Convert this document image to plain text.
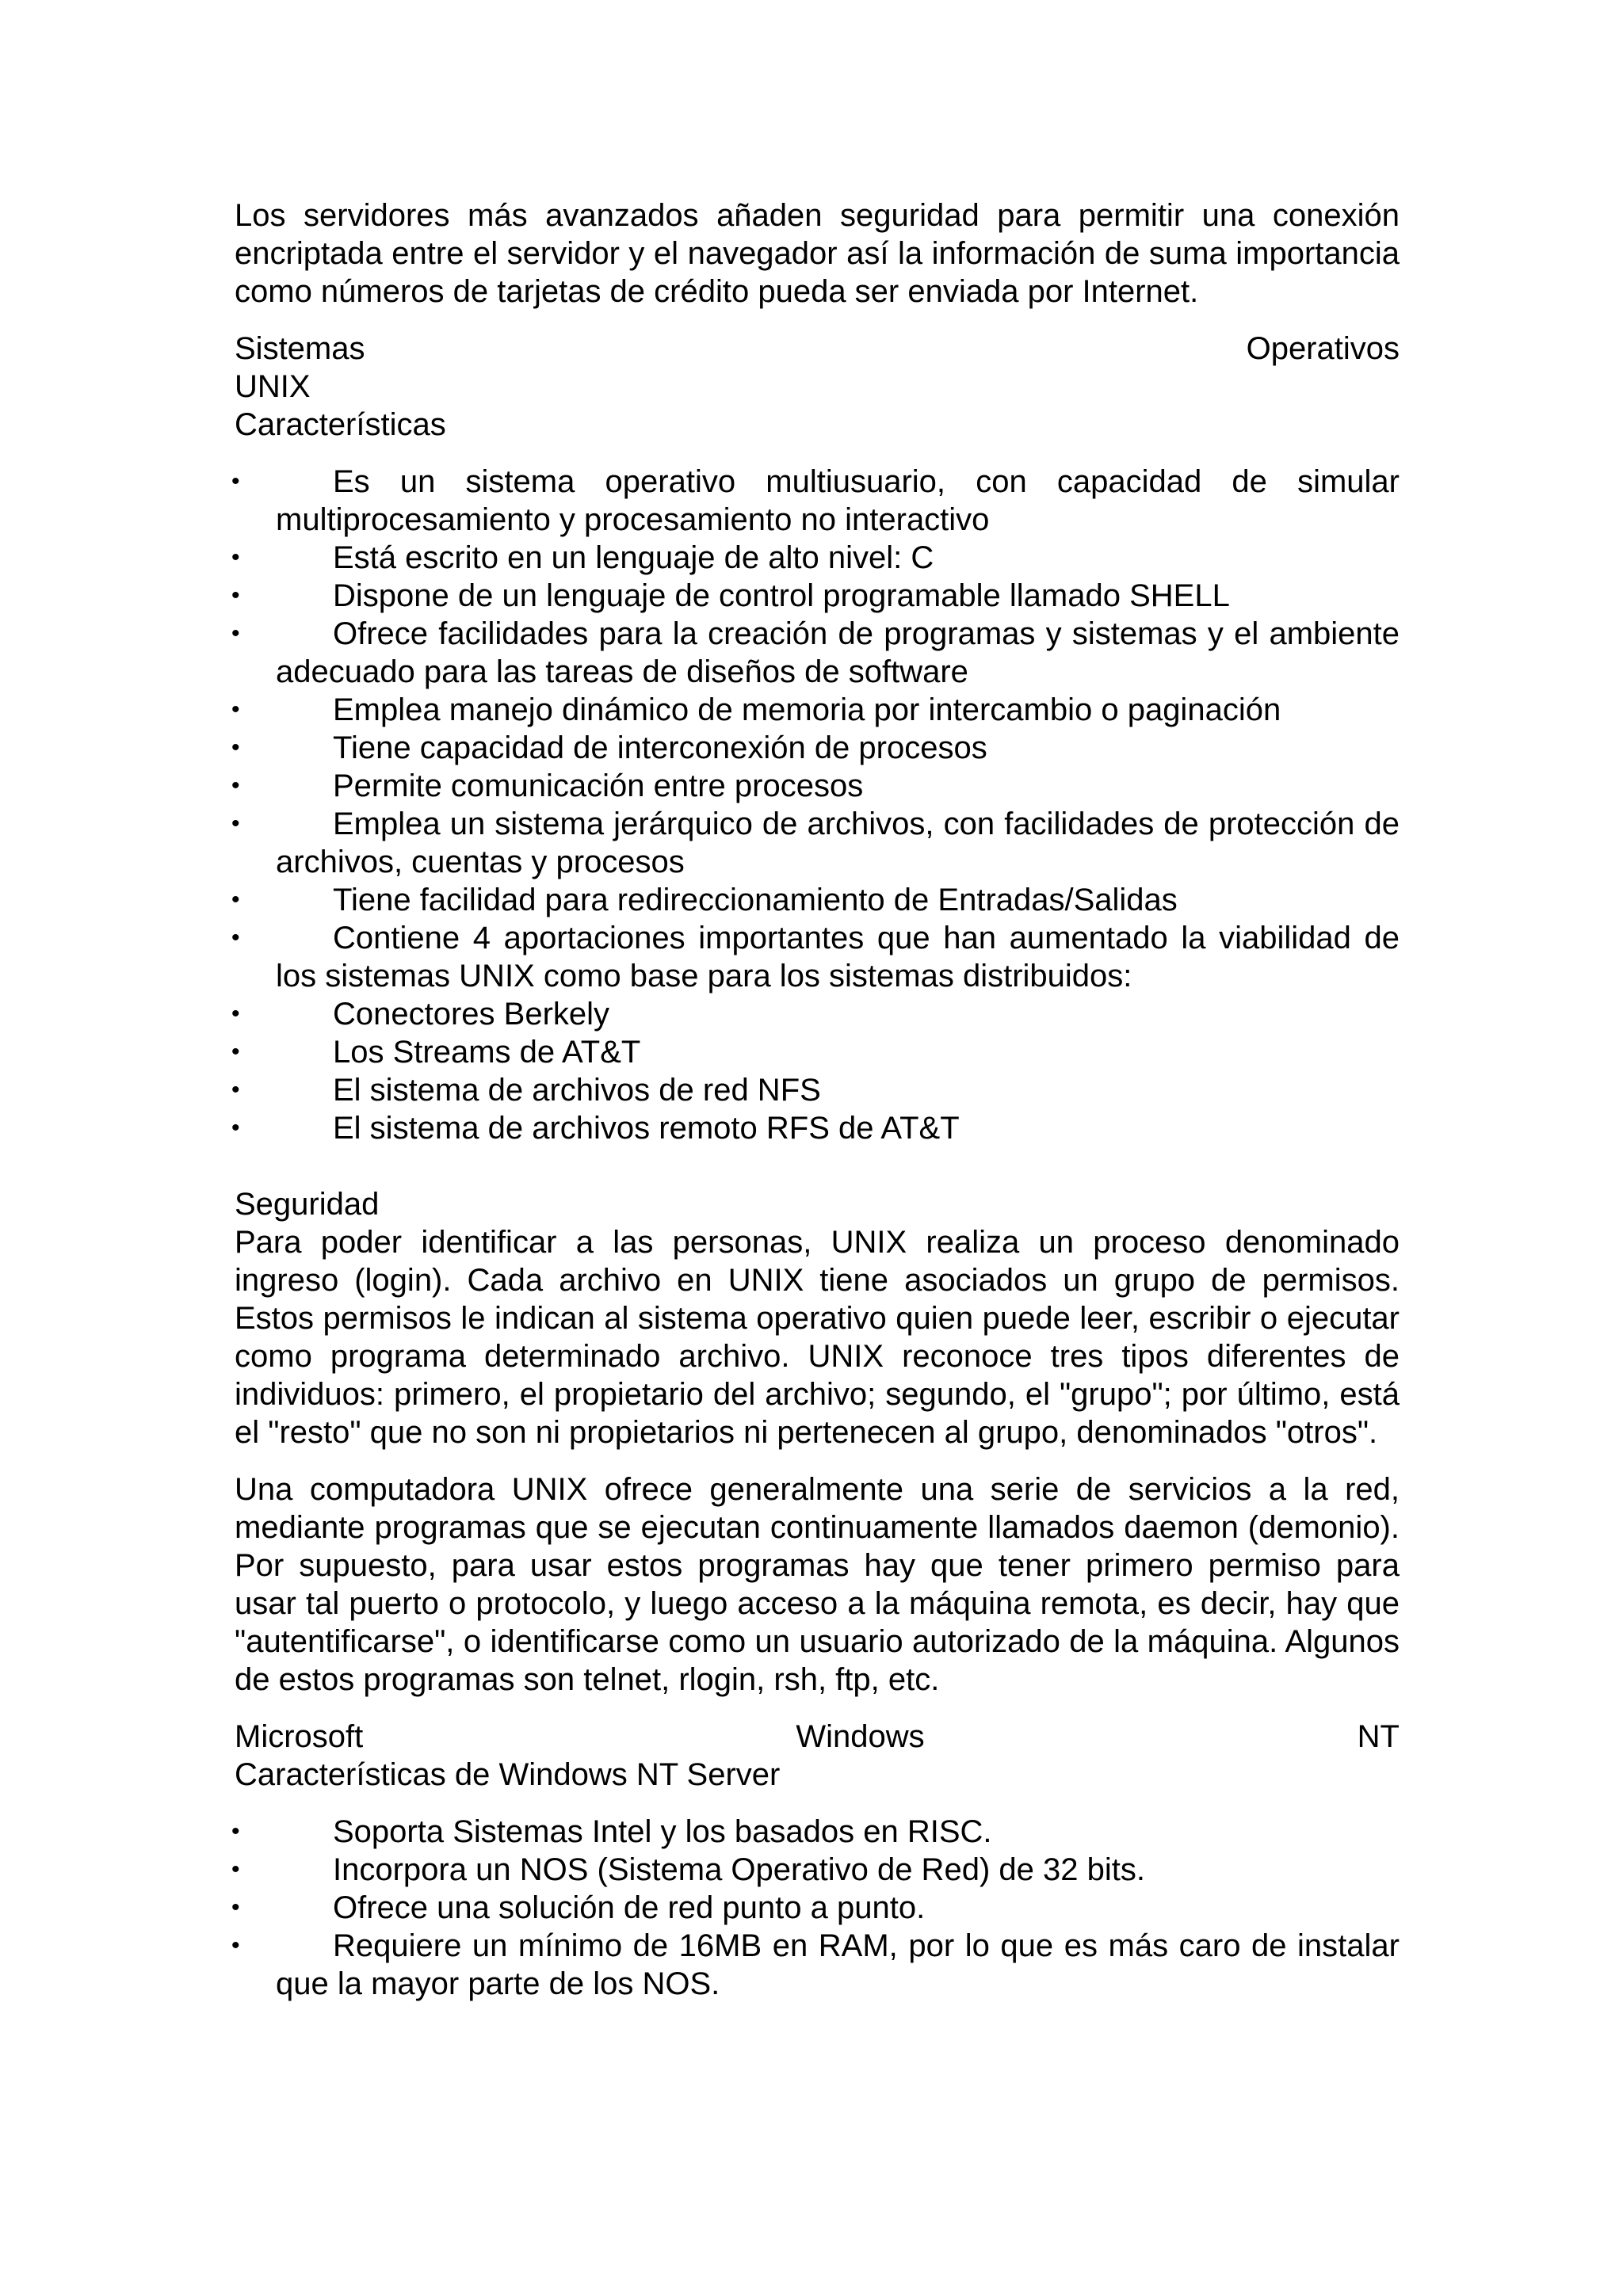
Los servidores más avanzados añaden seguridad para permitir una conexión encriptada entre el servidor y el navegador así la información de suma importancia como números de tarjetas de crédito pueda ser enviada por Internet.

Sistemas	Operativos

UNIX

Características

•	Es un sistema operativo multiusuario, con capacidad de simular multiprocesamiento y procesamiento no interactivo
•	Está escrito en un lenguaje de alto nivel: C
•	Dispone de un lenguaje de control programable llamado SHELL
•	Ofrece facilidades para la creación de programas y sistemas y el ambiente adecuado para las tareas de diseños de software
•	Emplea manejo dinámico de memoria por intercambio o paginación
•	Tiene capacidad de interconexión de procesos
•	Permite comunicación entre procesos
•	Emplea un sistema jerárquico de archivos, con facilidades de protección de archivos, cuentas y procesos
•	Tiene facilidad para redireccionamiento de Entradas/Salidas
•	Contiene 4 aportaciones importantes que han aumentado la viabilidad de los sistemas UNIX como base para los sistemas distribuidos:
•	Conectores Berkely
•	Los Streams de AT&T
•	El sistema de archivos de red NFS
•	El sistema de archivos remoto RFS de AT&T

Seguridad

Para poder identificar a las personas, UNIX realiza un proceso denominado ingreso (login). Cada archivo en UNIX tiene asociados un grupo de permisos. Estos permisos le indican al sistema operativo quien puede leer, escribir o ejecutar como programa determinado archivo. UNIX reconoce tres tipos diferentes de individuos: primero, el propietario del archivo; segundo, el "grupo"; por último, está el "resto" que no son ni propietarios ni pertenecen al grupo, denominados "otros".

Una computadora UNIX ofrece generalmente una serie de servicios a la red, mediante programas que se ejecutan continuamente llamados daemon (demonio). Por supuesto, para usar estos programas hay que tener primero permiso para usar tal puerto o protocolo, y luego acceso a la máquina remota, es decir, hay que "autentificarse", o identificarse como un usuario autorizado de la máquina. Algunos de estos programas son telnet, rlogin, rsh, ftp, etc.

Microsoft	Windows	NT

Características de Windows NT Server

•	Soporta Sistemas Intel y los basados en RISC.
•	Incorpora un NOS (Sistema Operativo de Red) de 32 bits.
•	Ofrece una solución de red punto a punto.
•	Requiere un mínimo de 16MB en RAM, por lo que es más caro de instalar que la mayor parte de los NOS.
